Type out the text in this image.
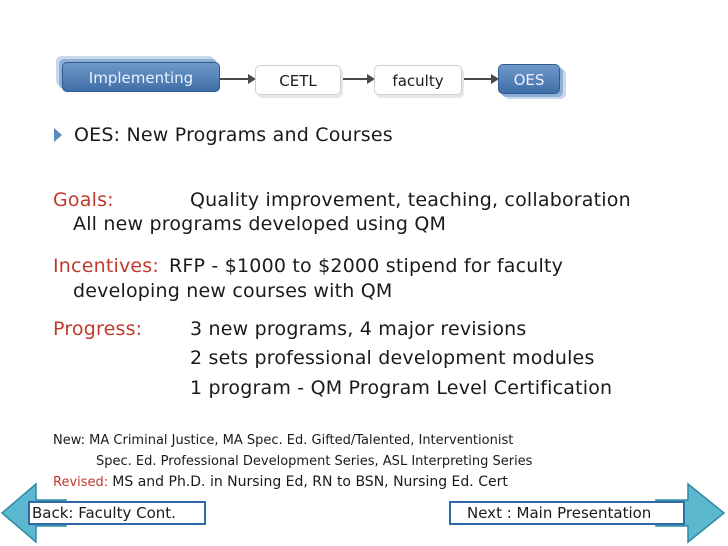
Implementing	CETL	faculty	OES
OES: New Programs and Courses
Goals:	Quality improvement, teaching, collaboration
All new programs developed using QM
Incentives: RFP - $1000 to $2000 stipend for faculty
developing new courses with QM
Progress:	3 new programs, 4 major revisions
2 sets professional development modules
1 program - QM Program Level Certification
New: MA Criminal Justice, MA Spec. Ed. Gifted/Talented, Interventionist
Spec. Ed. Professional Development Series, ASL Interpreting Series
Revised: MS and Ph.D. in Nursing Ed, RN to BSN, Nursing Ed. Cert
Back: Faculty Cont.	Next : Main Presentation
